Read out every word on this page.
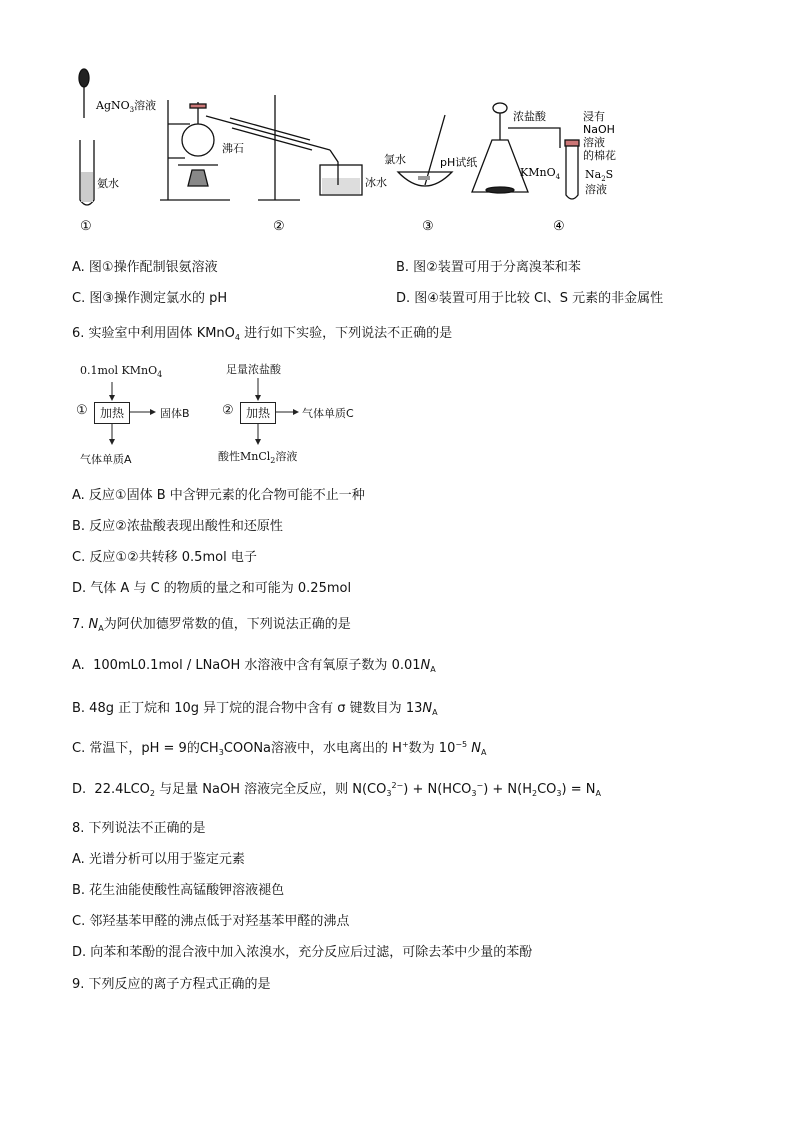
AgNO$_3$溶液
氨水
沸石
冰水
氯水	pH试纸
浓盐酸
KMnO$_4$
浸有
NaOH
溶液
的棉花
$Na_2S$
溶液
①	②	③	④
A. 图①操作配制银氨溶液	B. 图②装置可用于分离溴苯和苯
C. 图③操作测定氯水的 pH	D. 图④装置可用于比较 Cl、S 元素的非金属性
6. 实验室中利用固体 KMnO$_4$ 进行如下实验，下列说法不正确的是
0.1mol KMnO$_4$	足量浓盐酸
①	加热	固体B ②	加热	气体单质C
气体单质A	酸性MnCl$_2$溶液
A. 反应①固体 B 中含钾元素的化合物可能不止一种
B. 反应②浓盐酸表现出酸性和还原性
C. 反应①②共转移 0.5mol 电子
D. 气体 A 与 C 的物质的量之和可能为 0.25mol
7. $N_A$为阿伏加德罗常数的值，下列说法正确的是
A. 100mL0.1mol / LNaOH 水溶液中含有氧原子数为 $0.01N_A$
B. 48g 正丁烷和 10g 异丁烷的混合物中含有 σ 键数目为 $13N_A$
C. 常温下，pH = 9的$CH_3COONa$溶液中，水电离出的 H+数为 $10^{-5}$ $N_A$
D. $22.4LCO_2$ 与足量 NaOH 溶液完全反应，则 $N(CO_3^{2-}) + N(HCO_3^-) + N(H_2CO_3) = N_A$
8. 下列说法不正确的是
A. 光谱分析可以用于鉴定元素
B. 花生油能使酸性高锰酸钾溶液褪色
C. 邻羟基苯甲醛的沸点低于对羟基苯甲醛的沸点
D. 向苯和苯酚的混合液中加入浓溴水，充分反应后过滤，可除去苯中少量的苯酚
9. 下列反应的离子方程式正确的是
